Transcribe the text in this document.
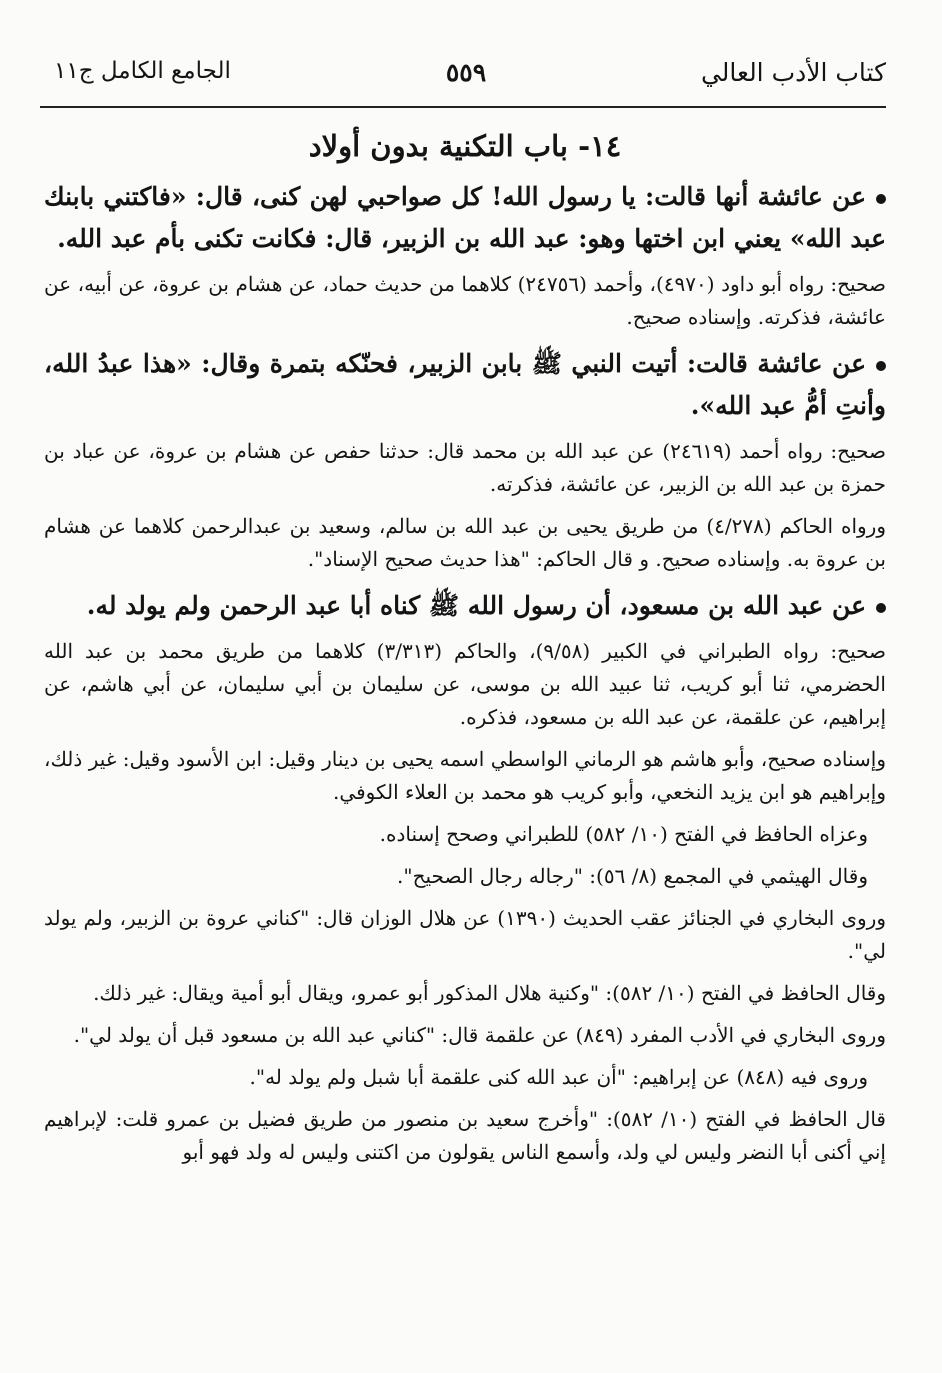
كتاب الأدب العالي
٥٥٩
الجامع الكامل ج١١
١٤- باب التكنية بدون أولاد

عن عائشة أنها قالت: يا رسول الله! كل صواحبي لهن كنى، قال: «فاكتني بابنك عبد الله» يعني ابن اختها وهو: عبد الله بن الزبير، قال: فكانت تكنى بأم عبد الله.

صحيح: رواه أبو داود (٤٩٧٠)، وأحمد (٢٤٧٥٦) كلاهما من حديث حماد، عن هشام بن عروة، عن أبيه، عن عائشة، فذكرته. وإسناده صحيح.

عن عائشة قالت: أتيت النبي ﷺ بابن الزبير، فحنّكه بتمرة وقال: «هذا عبدُ الله، وأنتِ أمُّ عبد الله».

صحيح: رواه أحمد (٢٤٦١٩) عن عبد الله بن محمد قال: حدثنا حفص عن هشام بن عروة، عن عباد بن حمزة بن عبد الله بن الزبير، عن عائشة، فذكرته.

ورواه الحاكم (٤/٢٧٨) من طريق يحيى بن عبد الله بن سالم، وسعيد بن عبدالرحمن كلاهما عن هشام بن عروة به. وإسناده صحيح. و قال الحاكم: "هذا حديث صحيح الإسناد".

عن عبد الله بن مسعود، أن رسول الله ﷺ كناه أبا عبد الرحمن ولم يولد له.

صحيح: رواه الطبراني في الكبير (٩/٥٨)، والحاكم (٣/٣١٣) كلاهما من طريق محمد بن عبد الله الحضرمي، ثنا أبو كريب، ثنا عبيد الله بن موسى، عن سليمان بن أبي سليمان، عن أبي هاشم، عن إبراهيم، عن علقمة، عن عبد الله بن مسعود، فذكره.

وإسناده صحيح، وأبو هاشم هو الرماني الواسطي اسمه يحيى بن دينار وقيل: ابن الأسود وقيل: غير ذلك، وإبراهيم هو ابن يزيد النخعي، وأبو كريب هو محمد بن العلاء الكوفي.

وعزاه الحافظ في الفتح (١٠/ ٥٨٢) للطبراني وصحح إسناده.

وقال الهيثمي في المجمع (٨/ ٥٦): "رجاله رجال الصحيح".

وروى البخاري في الجنائز عقب الحديث (١٣٩٠) عن هلال الوزان قال: "كناني عروة بن الزبير، ولم يولد لي".

وقال الحافظ في الفتح (١٠/ ٥٨٢): "وكنية هلال المذكور أبو عمرو، ويقال أبو أمية ويقال: غير ذلك.

وروى البخاري في الأدب المفرد (٨٤٩) عن علقمة قال: "كناني عبد الله بن مسعود قبل أن يولد لي".

وروى فيه (٨٤٨) عن إبراهيم: "أن عبد الله كنى علقمة أبا شبل ولم يولد له".

قال الحافظ في الفتح (١٠/ ٥٨٢): "وأخرج سعيد بن منصور من طريق فضيل بن عمرو قلت: لإبراهيم إني أكنى أبا النضر وليس لي ولد، وأسمع الناس يقولون من اكتنى وليس له ولد فهو أبو
